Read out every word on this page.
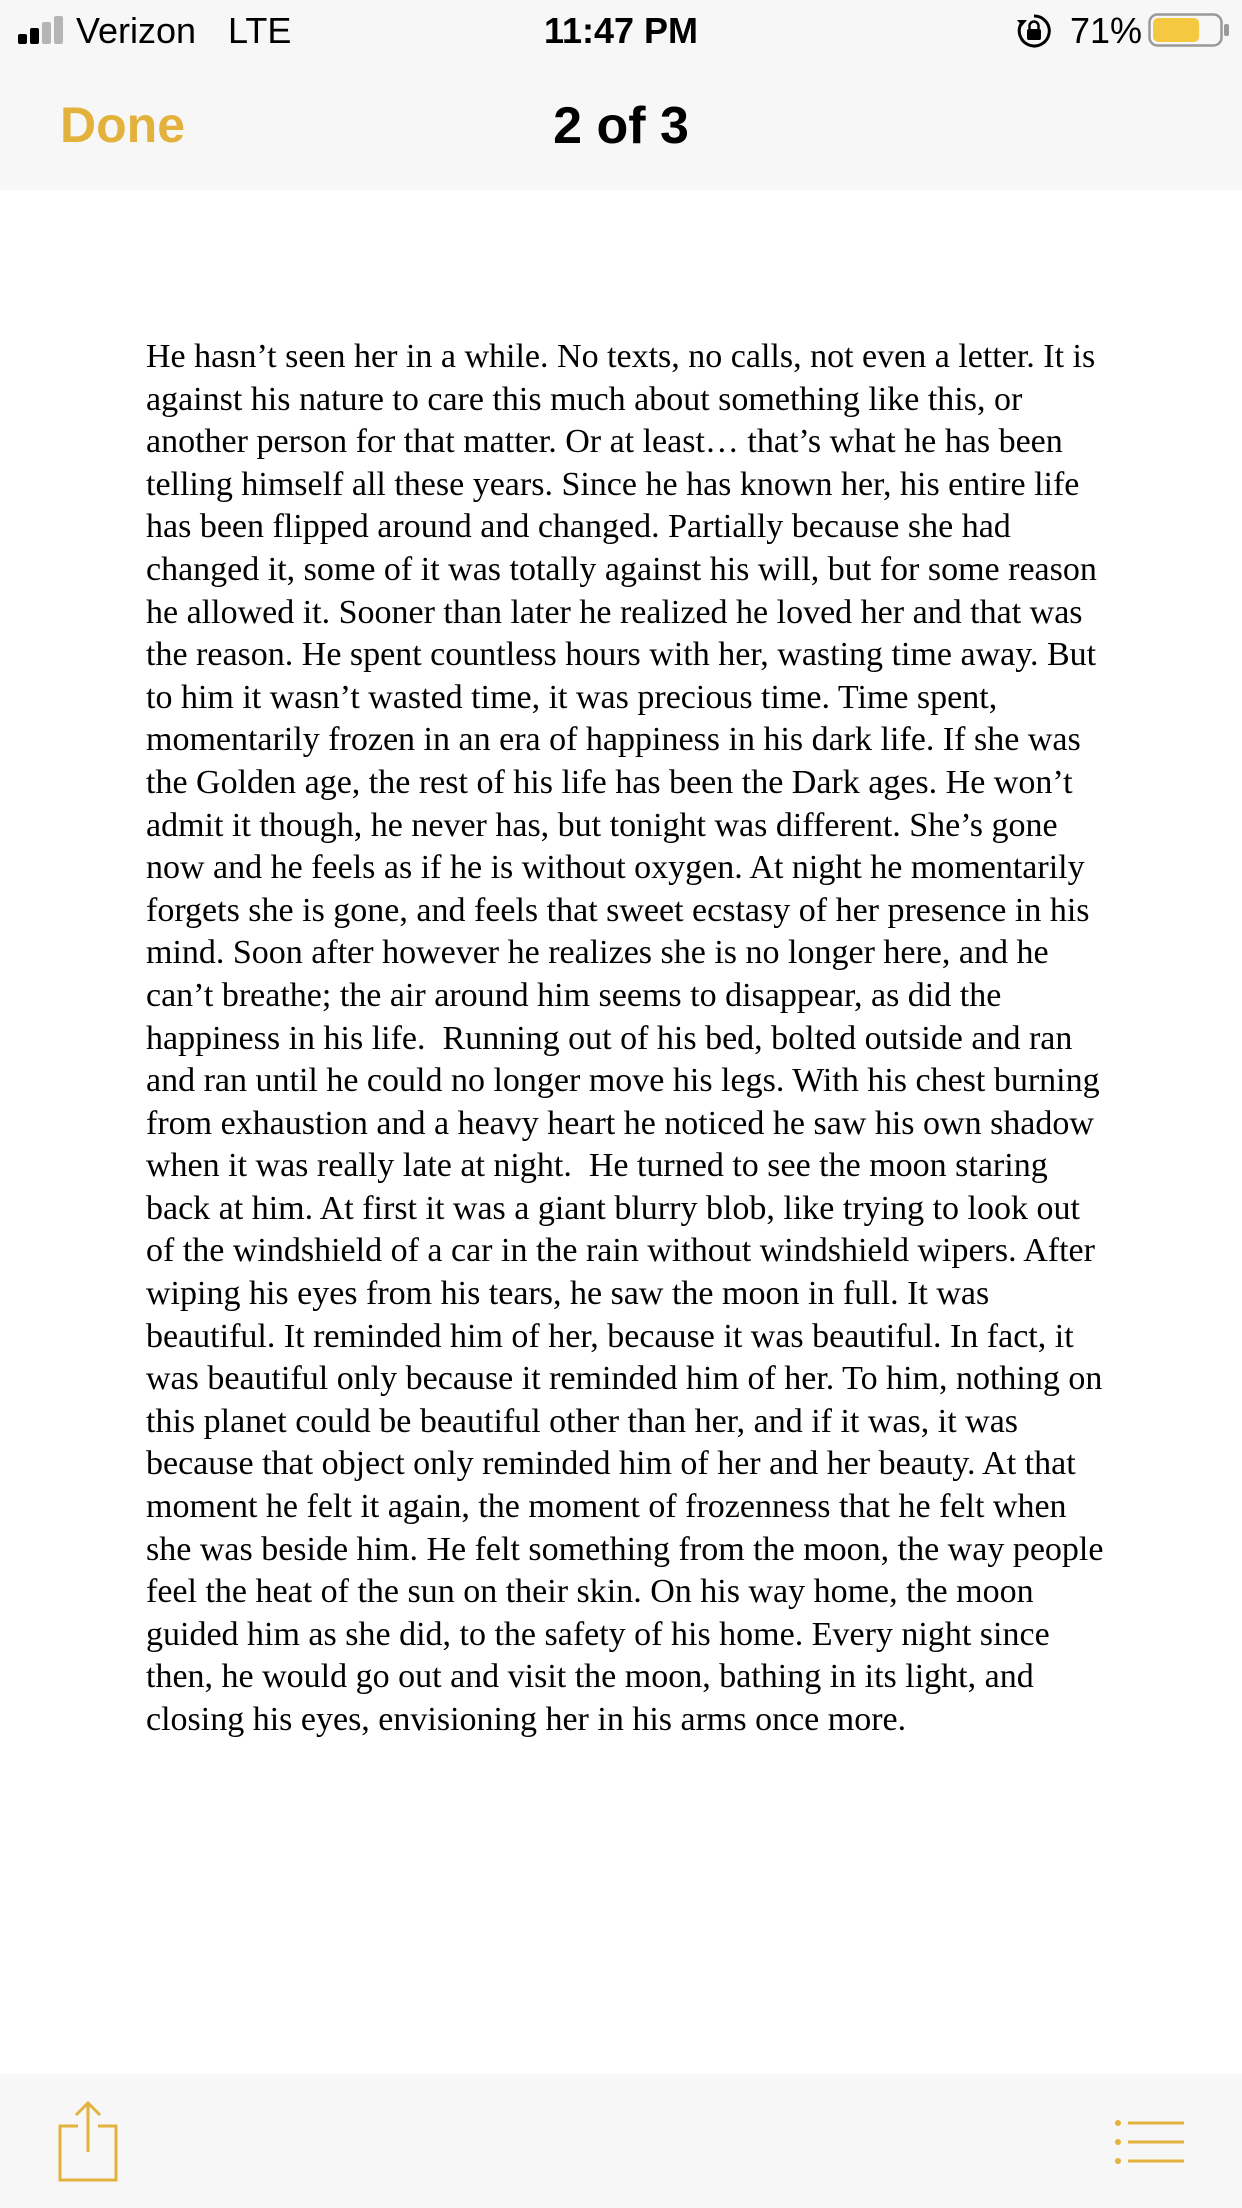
Verizon LTE	11:47 PM	71%
Done	2 of 3
He hasn’t seen her in a while. No texts, no calls, not even a letter. It is against his nature to care this much about something like this, or another person for that matter. Or at least… that’s what he has been telling himself all these years. Since he has known her, his entire life has been flipped around and changed. Partially because she had changed it, some of it was totally against his will, but for some reason he allowed it. Sooner than later he realized he loved her and that was the reason. He spent countless hours with her, wasting time away. But to him it wasn’t wasted time, it was precious time. Time spent, momentarily frozen in an era of happiness in his dark life. If she was the Golden age, the rest of his life has been the Dark ages. He won’t admit it though, he never has, but tonight was different. She’s gone now and he feels as if he is without oxygen. At night he momentarily forgets she is gone, and feels that sweet ecstasy of her presence in his mind. Soon after however he realizes she is no longer here, and he can’t breathe; the air around him seems to disappear, as did the happiness in his life.  Running out of his bed, bolted outside and ran and ran until he could no longer move his legs. With his chest burning from exhaustion and a heavy heart he noticed he saw his own shadow when it was really late at night.  He turned to see the moon staring back at him. At first it was a giant blurry blob, like trying to look out of the windshield of a car in the rain without windshield wipers. After wiping his eyes from his tears, he saw the moon in full. It was beautiful. It reminded him of her, because it was beautiful. In fact, it was beautiful only because it reminded him of her. To him, nothing on this planet could be beautiful other than her, and if it was, it was because that object only reminded him of her and her beauty. At that moment he felt it again, the moment of frozenness that he felt when she was beside him. He felt something from the moon, the way people feel the heat of the sun on their skin. On his way home, the moon guided him as she did, to the safety of his home. Every night since then, he would go out and visit the moon, bathing in its light, and closing his eyes, envisioning her in his arms once more.
